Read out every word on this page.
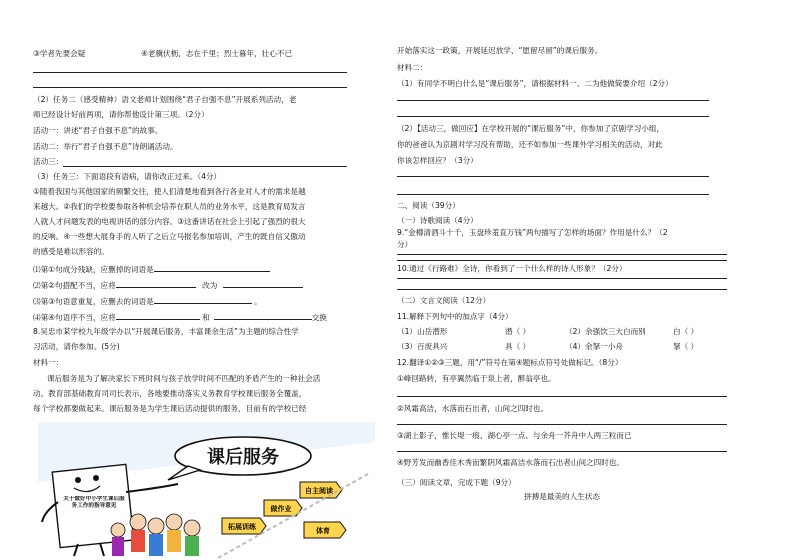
③学者先要会疑	④老骥伏枥，志在千里；烈士暮年，壮心不已
（2）任务二（感受精神）语文老师计划围绕“君子自强不息”开展系列活动，老
师已经设计好前两项，请你帮他设计第三项。（2分）
活动一：讲述“君子自强不息”的故事。
活动二：举行“君子自强不息”诗朗诵活动。
活动三：
（3）任务三：下面语段有语病，请你改正过来。（4分）
①随着我国与其他国家的频繁交往，使人们清楚地看到各行各业对人才的需求是越
来越大。②我们的学校要参取各种机会培养在职人员的业务水平，这是教育局发言
人就人才问题发表的电视讲话的部分内容。③这番讲话在社会上引起了强烈的很大
的反响。④一些想大展身手的人听了之后立马报名参加培训，产生的既自信又傲动
的感受是难以形容的。
⑴第①句成分残缺，应删掉的词语是
⑵第②句搭配不当，应将	改为
⑶第③句语意重复，应删去的词语是	。
⑷第④句语序不当，应将	和	交换
8.吴忠市某学校九年级学办以“开展课后服务，丰富课余生活”为主题的综合性学
习活动，请你参加。(5分)
材料一：
课后服务是为了解决家长下班时间与孩子放学时间不匹配的矛盾产生的一种社会活
动。教育部基础教育司司长表示，各地要推动落实义务教育学校课后服务全覆盖，
每个学校都要做起来。课后服务是为学生课后活动提供的服务，目前有的学校已经
课后服务
关于做好中小学生课后服务工作的指导意见
自主阅读
做作业
拓展训练	体育
开始落实这一政策，开展延迟放学、“愿留尽留”的课后服务。
材料二：
（1）有同学不明白什么是“课后服务”，请根据材料一、二为他做简要介绍（2分）
（2）【活动三，做回应】在学校开展的“课后服务”中，你参加了京剧学习小组，
你的爸爸认为京剧对学习没有帮助，还不如参加一些课外学习相关的活动，对此
你该怎样回应？（3分）
二、阅读（39分）
（一）诗歌阅读（4分）
9.“金樽清酒斗十千，玉盘珍羞直万钱”两句描写了怎样的场面？作用是什么？（2
分）
10.通过《行路难》全诗，你看到了一个什么样的诗人形象？（2分）
（二）文言文阅读（12分）
11.解释下列句中的加点字（4分）
（1）山岳潜形	潜（ ）	（2）余强饮三大白而别	白（ ）
（3）百废具兴	具（ ）	（4）余拏一小舟	拏（ ）
12.翻译①②③三题，用“/”符号在第④题标点符号处做标记。（8分）
①峰回路转，有亭翼然临于泉上者，醉翁亭也。
②风霜高洁，水落而石出者，山间之四时也。
③湖上影子，惟长堤一痕、湖心亭一点、与余舟一芥舟中人两三粒而已
④野芳发而幽香佳木秀而繁阴风霜高洁水落而石出者山间之四时也。
（三）阅读文章，完成下题（9分）
拼搏是最美的人生状态
